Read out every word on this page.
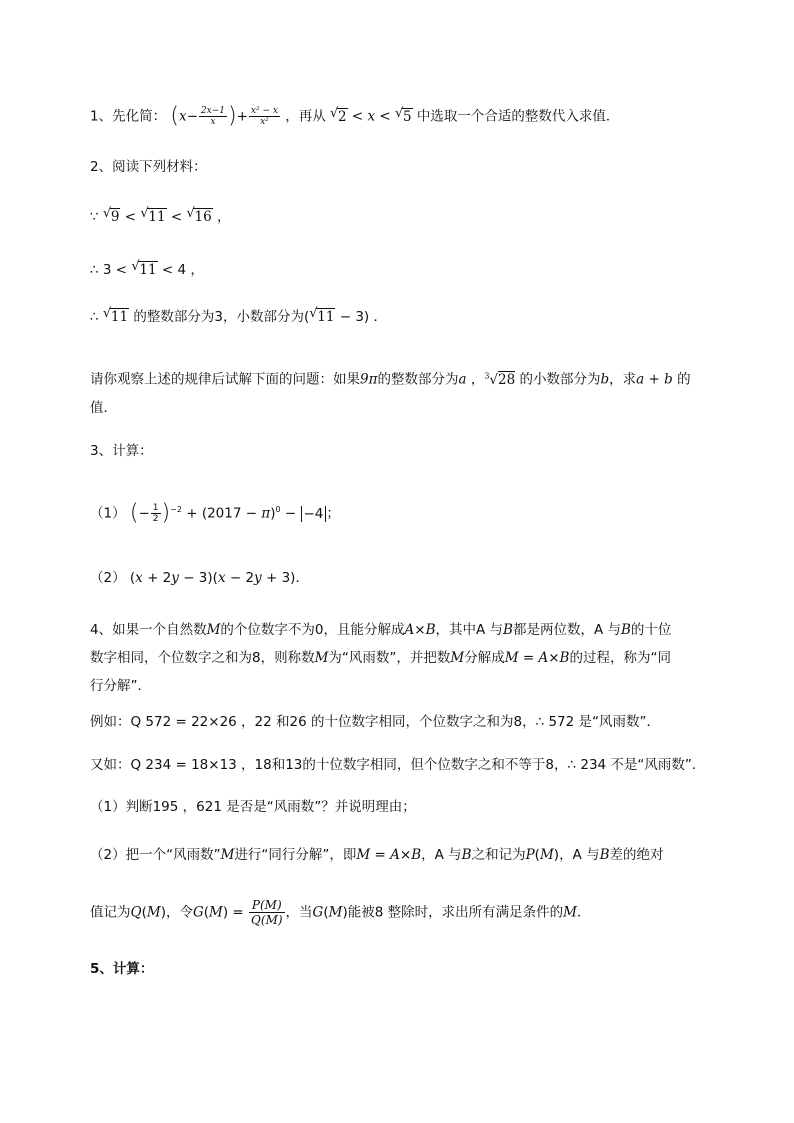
1、先化简： ($x- \frac{2x-1}{x}$ )+ $\frac{\text{x² − x}}{\text{x²}}$ ，再从 √ 2 < x < √ 5 中选取一个合适的整数代入求值．
2、阅读下列材料：
∵ √ 9 < √ 11 < √ 16 ，
∴ 3 < √ 11 < 4 ，
∴ √ 11 的整数部分为3，小数部分为( √ 11 − 3) ．
请你观察上述的规律后试解下面的问题：如果9π的整数部分为a ，$^3$√28 的小数部分为b，求a + b 的
值．
3、计算：
（1） (− $\frac{1}{2} )^{-2} + (2017 - \pi)^0 - -4$ ；
（2） (x + 2y − 3)(x − 2y + 3)．
4、如果一个自然数M的个位数字不为0，且能分解成A×B，其中A 与B都是两位数，A 与B的十位
数字相同，个位数字之和为8，则称数M为“风雨数”，并把数M分解成M = A×B的过程，称为“同
行分解”．
例如：Q 572 = 22×26 ，22 和26 的十位数字相同，个位数字之和为8，∴ 572 是“风雨数”．
又如：Q 234 = 18×13 ，18和13的十位数字相同，但个位数字之和不等于8，∴ 234 不是“风雨数”．
（1）判断195 ，621 是否是“风雨数”？并说明理由；
（2）把一个“风雨数”M进行“同行分解”，即M = A×B，A 与B之和记为P(M)，A 与B差的绝对
值记为Q(M)，令$G(M) = \frac{P(M)}{Q(M)}$ ，当G(M)能被8 整除时，求出所有满足条件的M．
5、计算：
